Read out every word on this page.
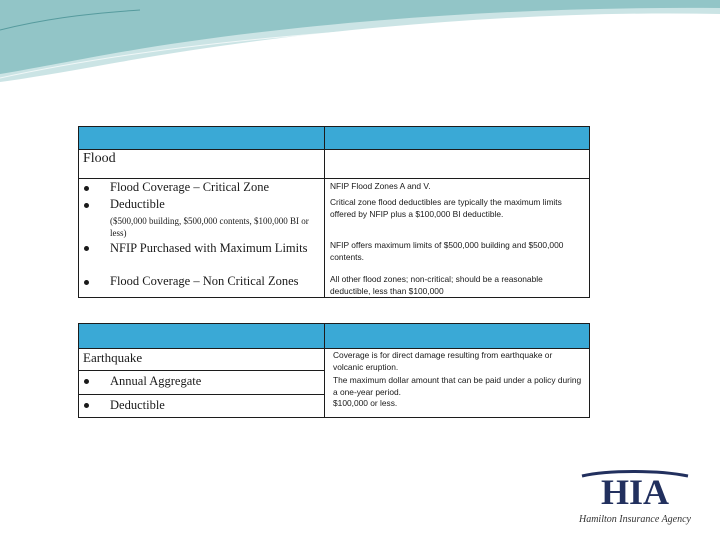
Flood
Flood Coverage – Critical Zone
Deductible
($500,000 building, $500,000 contents, $100,000 BI or less)
NFIP Purchased with Maximum Limits
Flood Coverage – Non Critical Zones
NFIP Flood Zones A and V.
Critical zone flood deductibles are typically the maximum limits offered by NFIP plus a $100,000 BI deductible.
NFIP offers maximum limits of $500,000 building and $500,000 contents.
All other flood zones; non-critical; should be a reasonable deductible, less than $100,000
Earthquake
Annual Aggregate
Deductible
Coverage is for direct damage resulting from earthquake or volcanic eruption.
The maximum dollar amount that can be paid under a policy during a one-year period.
$100,000 or less.
HIA
Hamilton Insurance Agency
